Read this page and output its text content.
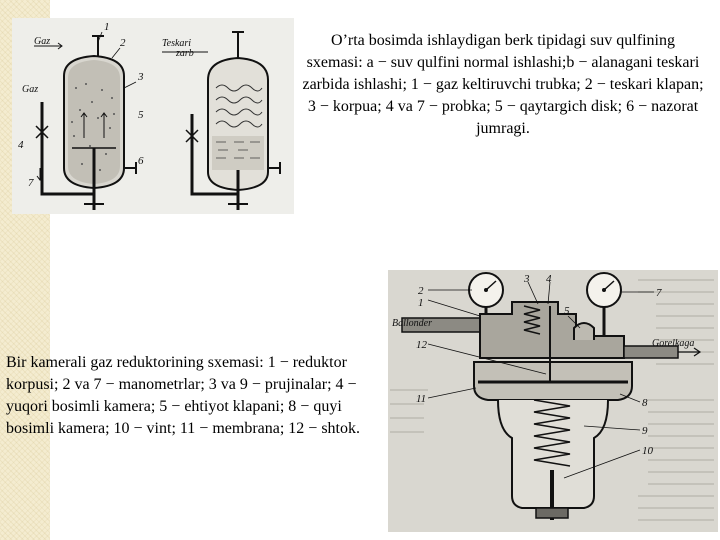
Gaz
Gaz
Teskari
zarb
1
2
3
4
5
6
7
O’rta bosimda ishlaydigan berk tipidagi suv qulfining sxemasi: a − suv qulfini normal ishlashi;b − alanagani teskari zarbida ishlashi; 1 − gaz keltiruvchi trubka; 2 − teskari klapan; 3 − korpua; 4 va 7 − probka; 5 − qaytargich disk; 6 − nazorat jumragi.
Bir kamerali gaz reduktorining sxemasi: 1 − reduktor korpusi; 2 va 7 − manometrlar; 3 va 9 − prujinalar; 4 − yuqori bosimli kamera; 5 − ehtiyot klapani; 8 − quyi bosimli kamera; 10 − vint; 11 − membrana; 12 − shtok.
Ballonder
Gorelkaga
2
1
3 4
5
7
8
9
10
11
12
